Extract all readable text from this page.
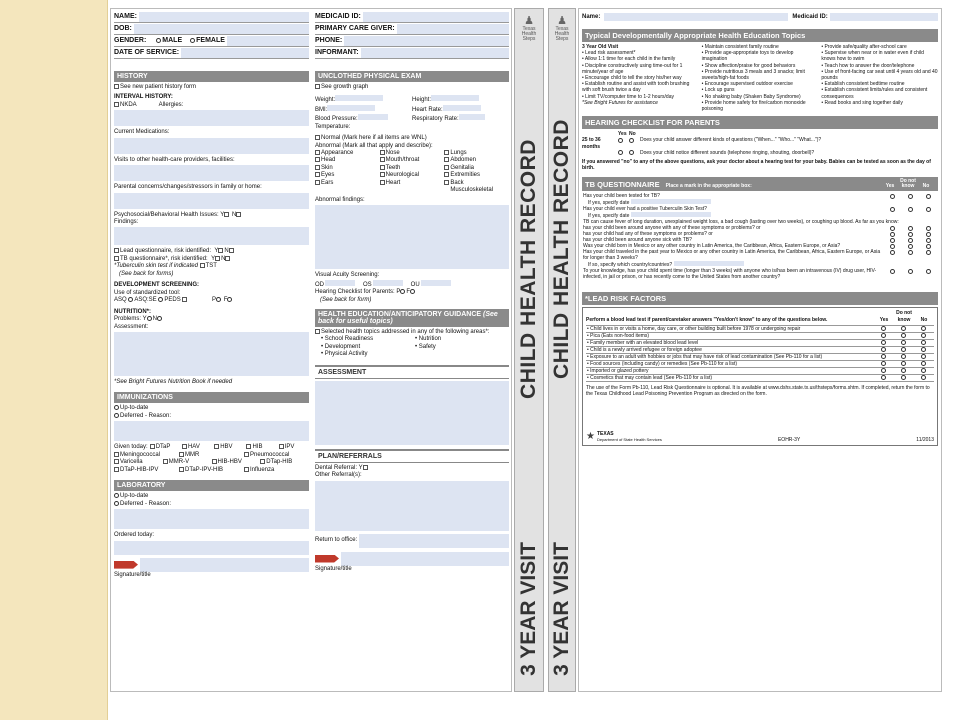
NAME:
DOB:
GENDER:	MALE	FEMALE
DATE OF SERVICE:
HISTORY
See new patient history form
INTERVAL HISTORY:
NKDA	Allergies:
Current Medications:
Visits to other health-care providers, facilities:
Parental concerns/changes/stressors in family or home:
Psychosocial/Behavioral Health Issues: Y N
Findings:
Lead questionnaire, risk identified: Y N
TB questionnaire*, risk identified: Y N
*Tuberculin skin test if indicated TST
(See back for forms)
DEVELOPMENT SCREENING:
Use of standardized tool:
ASQ ASQ:SE PEDS	P F
NUTRITION*:
Problems: Y N
Assessment:
*See Bright Futures Nutrition Book if needed
IMMUNIZATIONS
Up-to-date
Deferred - Reason:
Given today:	DTaP	HAV	HBV	HIB	IPV
Meningococcal	MMR	Pneumococcal
Varicella	MMR-V	HIB-HBV	DTap-HIB
DTaP-HIB-IPV	DTaP-IPV-HIB	Influenza
LABORATORY
Up-to-date
Deferred - Reason:
Ordered today:
Signature/title
MEDICAID ID:
PRIMARY CARE GIVER:
PHONE:
INFORMANT:
UNCLOTHED PHYSICAL EXAM
See growth graph
Weight:	Height:
BMI:	Heart Rate:
Blood Pressure:	Respiratory Rate:
Temperature:
Normal (Mark here if all items are WNL)
Abnormal (Mark all that apply and describe):
Appearance	Nose	Lungs
Head	Mouth/throat	Abdomen
Skin	Teeth	Genitalia
Eyes	Neurological	Extremities
Ears	Heart	Back
Musculoskeletal
Abnormal findings:
Visual Acuity Screening:
OD	OS	OU
Hearing Checklist for Parents: P F
(See back for form)
HEALTH EDUCATION/ANTICIPATORY GUIDANCE (See back for useful topics)
Selected health topics addressed in any of the following areas*:
• School Readiness	• Nutrition
• Development	• Safety
• Physical Activity
ASSESSMENT
PLAN/REFERRALS
Dental Referral: Y
Other Referral(s):
Return to office:
Signature/title
♟
Texas
Health
Steps
CHILD HEALTH RECORD
3 YEAR VISIT
♟
Texas
Health
Steps
CHILD HEALTH RECORD
3 YEAR VISIT
Name:	Medicaid ID:
Typical Developmentally Appropriate Health Education Topics
3 Year Old Visit
• Lead risk assessment*
• Allow 1:1 time for each child in the family
• Discipline constructively using time-out for 1 minute/year of age
• Encourage child to tell the story his/her way
• Establish routine and assist with tooth brushing with soft brush twice a day
• Limit TV/computer time to 1-2 hours/day
*See Bright Futures for assistance
• Maintain consistent family routine
• Provide age-appropriate toys to develop imagination
• Show affection/praise for good behaviors
• Provide nutritious 3 meals and 3 snacks; limit sweets/high-fat foods
• Encourage supervised outdoor exercise
• Lock up guns
• No shaking baby (Shaken Baby Syndrome)
• Provide home safety for fire/carbon monoxide poisoning
• Provide safe/quality after-school care
• Supervise when near or in water even if child knows how to swim
• Teach how to answer the door/telephone
• Use of front-facing car seat until 4 years old and 40 pounds
• Establish consistent bedtime routine
• Establish consistent limits/rules and consistent consequences
• Read books and sing together daily
HEARING CHECKLIST FOR PARENTS
Yes No
25 to 36 months
Does your child answer different kinds of questions ("When..." "Who..." "What...")?
Does your child notice different sounds (telephone ringing, shouting, doorbell)?
If you answered "no" to any of the above questions, ask your doctor about a hearing test for your baby. Babies can be tested as soon as the day of birth.
TB QUESTIONNAIRE Place a mark in the appropriate box:	Yes
Do not know	No
Has your child been tested for TB?
If yes, specify date			

Has your child ever had a positive Tuberculin Skin Test?
If yes, specify date			

TB can cause fever of long duration, unexplained weight loss, a bad cough (lasting over two weeks), or coughing up blood. As far as you know:			

has your child been around anyone with any of these symptoms or problems? or			
has your child had any of these symptoms or problems? or			
has your child been around anyone sick with TB?			
Was your child born in Mexico or any other country in Latin America, the Caribbean, Africa, Eastern Europe, or Asia?			

Has your child traveled in the past year to Mexico or any other country in Latin America, the Caribbean, Africa, Eastern Europe, or Asia for longer than 3 weeks?
If so, specify which country/countries?			

To your knowledge, has your child spent time (longer than 3 weeks) with anyone who is/has been an intravenous (IV) drug user, HIV-infected, in jail or prison, or has recently come to the United States from another country?			
*LEAD RISK FACTORS
Perform a blood lead test if parent/caretaker answers "Yes/don't know" to any of the questions below.	Yes
Do not know	No
• Child lives in or visits a home, day care, or other building built before 1978 or undergoing repair			
• Pica (Eats non-food items)			
• Family member with an elevated blood lead level			
• Child is a newly arrived refugee or foreign adoptee			
• Exposure to an adult with hobbies or jobs that may have risk of lead contamination (See Pb-110 for a list)			
• Food sources (including candy) or remedies (See Pb-110 for a list)			
• Imported or glazed pottery			
• Cosmetics that may contain lead (See Pb-110 for a list)			
The use of the Form Pb-110, Lead Risk Questionnaire is optional. It is available at www.dshs.state.tx.us/thsteps/forms.shtm. If completed, return the form to the Texas Childhood Lead Poisoning Prevention Program as directed on the form.
★ TEXAS
Department of State Health Services	EOHR-3Y	11/2013
